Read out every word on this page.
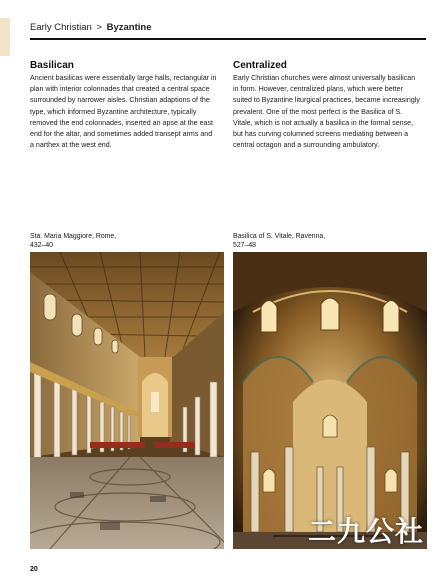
Early Christian > Byzantine
Basilican

Ancient basilicas were essentially large halls, rectangular in plan with interior colonnades that created a central space surrounded by narrower aisles. Christian adaptions of the type, which informed Byzantine architecture, typically removed the end colonnades, inserted an apse at the east end for the altar, and sometimes added transept arms and a narthex at the west end.

Centralized

Early Christian churches were almost universally basilican in form. However, centralized plans, which were better suited to Byzantine liturgical practices, became increasingly prevalent. One of the most perfect is the Basilica of S. Vitale, which is not actually a basilica in the formal sense, but has curving columned screens mediating between a central octagon and a surrounding ambulatory.

Sta. Maria Maggiore, Rome,
432–40
Basilica of S. Vitale, Ravenna,
527–48
二九公社
20
